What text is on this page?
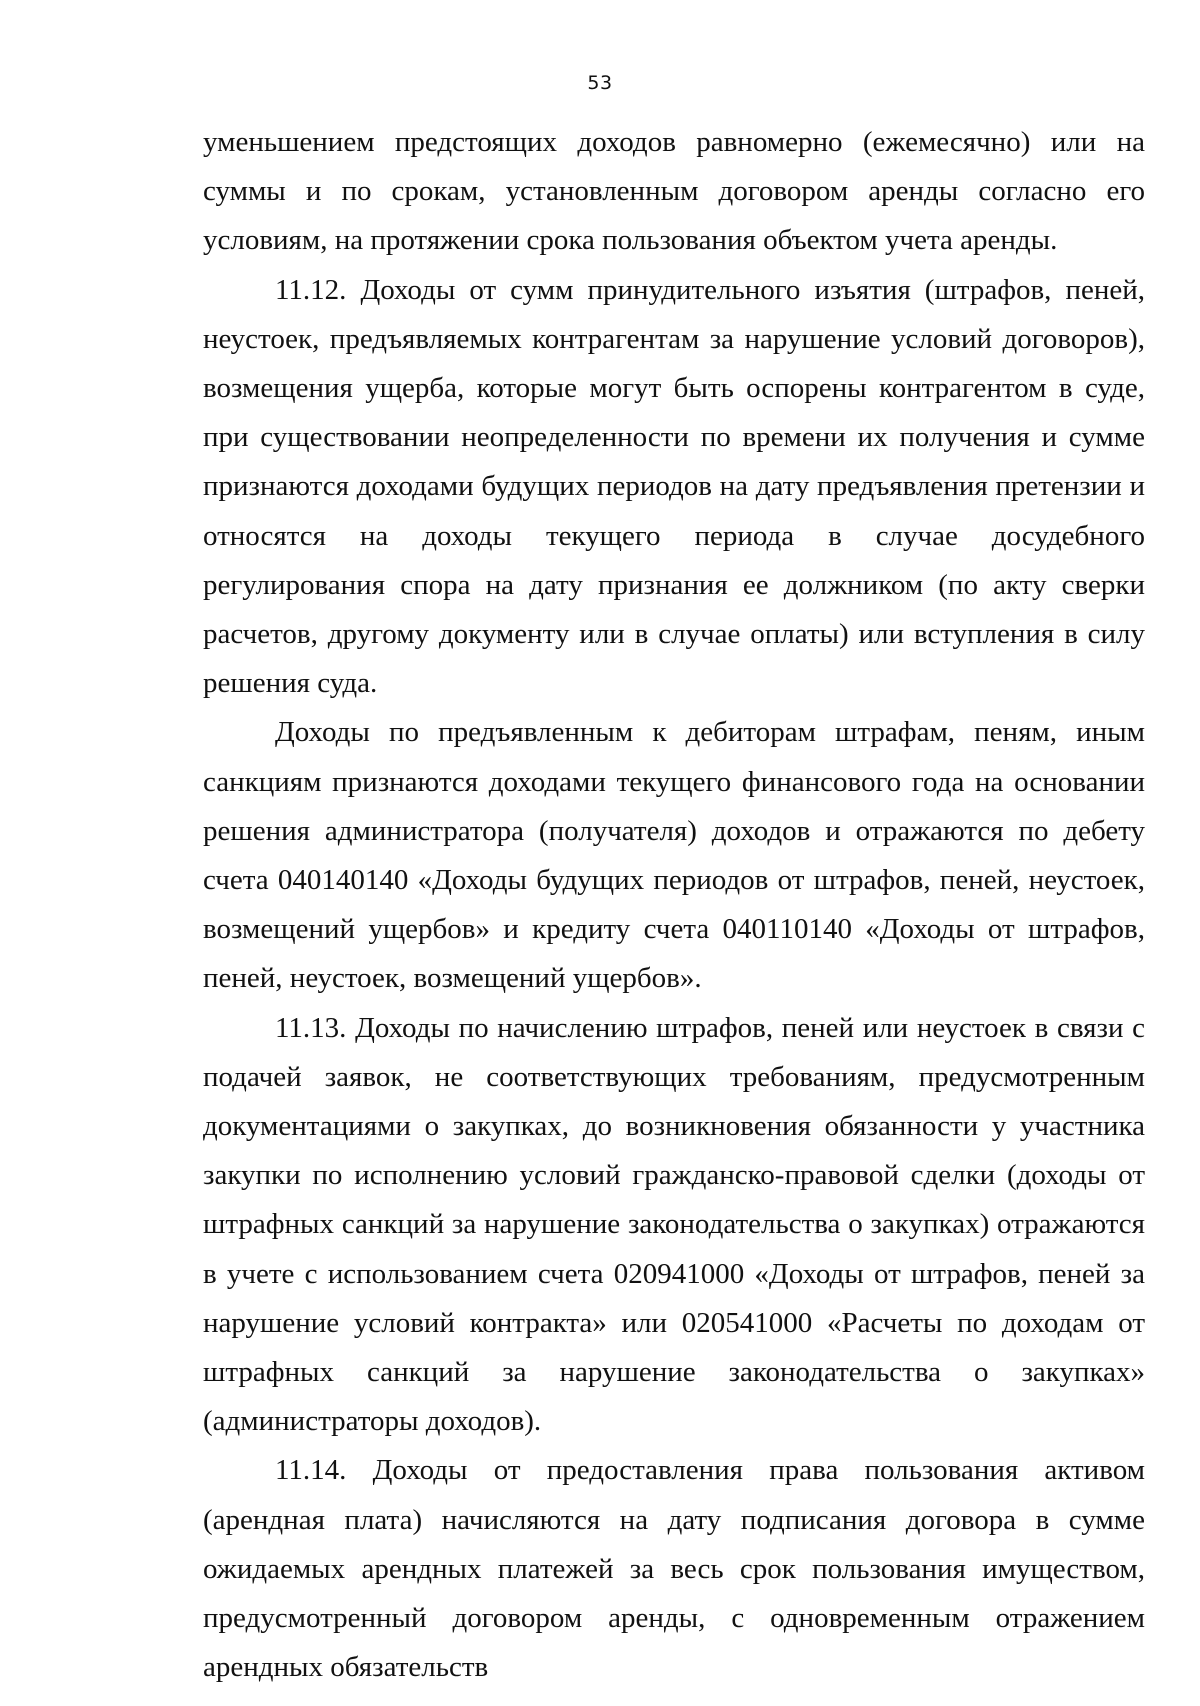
53

уменьшением предстоящих доходов равномерно (ежемесячно) или на суммы и по срокам, установленным договором аренды согласно его условиям, на протяжении срока пользования объектом учета аренды.

11.12. Доходы от сумм принудительного изъятия (штрафов, пеней, неустоек, предъявляемых контрагентам за нарушение условий договоров), возмещения ущерба, которые могут быть оспорены контрагентом в суде, при существовании неопределенности по времени их получения и сумме признаются доходами будущих периодов на дату предъявления претензии и относятся на доходы текущего периода в случае досудебного регулирования спора на дату признания ее должником (по акту сверки расчетов, другому документу или в случае оплаты) или вступления в силу решения суда.

Доходы по предъявленным к дебиторам штрафам, пеням, иным санкциям признаются доходами текущего финансового года на основании решения администратора (получателя) доходов и отражаются по дебету счета 040140140 «Доходы будущих периодов от штрафов, пеней, неустоек, возмещений ущербов» и кредиту счета 040110140 «Доходы от штрафов, пеней, неустоек, возмещений ущербов».

11.13. Доходы по начислению штрафов, пеней или неустоек в связи с подачей заявок, не соответствующих требованиям, предусмотренным документациями о закупках, до возникновения обязанности у участника закупки по исполнению условий гражданско-правовой сделки (доходы от штрафных санкций за нарушение законодательства о закупках) отражаются в учете с использованием счета 020941000 «Доходы от штрафов, пеней за нарушение условий контракта» или 020541000 «Расчеты по доходам от штрафных санкций за нарушение законодательства о закупках» (администраторы доходов).

11.14. Доходы от предоставления права пользования активом (арендная плата) начисляются на дату подписания договора в сумме ожидаемых арендных платежей за весь срок пользования имуществом, предусмотренный договором аренды, с одновременным отражением арендных обязательств
